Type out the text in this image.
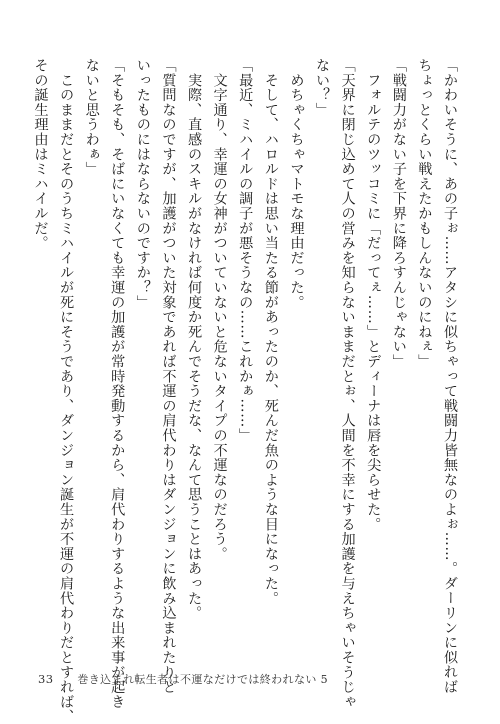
「かわいそうに、あの子ぉ……アタシに似ちゃって戦闘力皆無なのよぉ……。ダーリンに似れば

ちょっとくらい戦えたかもしんないのにねぇ」

「戦闘力がない子を下界に降ろすんじゃない」

　フォルテのツッコミに「だってぇ……」とディーナは唇を尖らせた。

「天界に閉じ込めて人の営みを知らないままだとぉ、人間を不幸にする加護を与えちゃいそうじゃ

ない？」

　めちゃくちゃマトモな理由だった。

　そして、ハロルドは思い当たる節があったのか、死んだ魚のような目になった。

「最近、ミハイルの調子が悪そうなの……これかぁ……」

　文字通り、幸運の女神がついていないと危ないタイプの不運なのだろう。

　実際、直感のスキルがなければ何度か死んでそうだな、なんて思うことはあった。

「質問なのですが、加護がついた対象であれば不運の肩代わりはダンジョンに飲み込まれたりと

いったものにはならないのですか？」

「そもそも、そばにいなくても幸運の加護が常時発動するから、肩代わりするような出来事が起き

ないと思うわぁ」

　このままだとそのうちミハイルが死にそうであり、ダンジョン誕生が不運の肩代わりだとすれば、

その誕生理由はミハイルだ。

33 巻き込まれ転生者は不運なだけでは終われない 5
